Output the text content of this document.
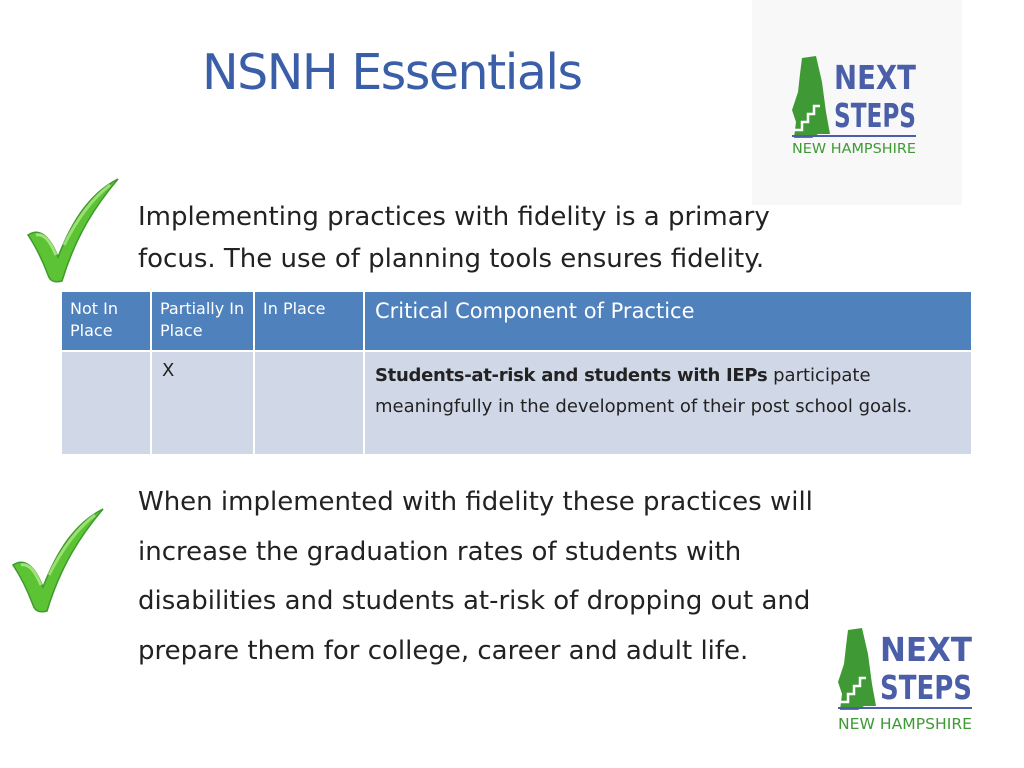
NSNH Essentials	NEXT
STEPS
NEW HAMPSHIRE
Implementing practices with fidelity is a primary
focus. The use of planning tools ensures fidelity.
Not In Place	Partially In Place	In Place	Critical Component of Practice
	X		Students-at-risk and students with IEPs participate meaningfully in the development of their post school goals.

When implemented with fidelity these practices will increase the graduation rates of students with disabilities and students at-risk of dropping out and prepare them for college, career and adult life.	NEXT
STEPS
NEW HAMPSHIRE
